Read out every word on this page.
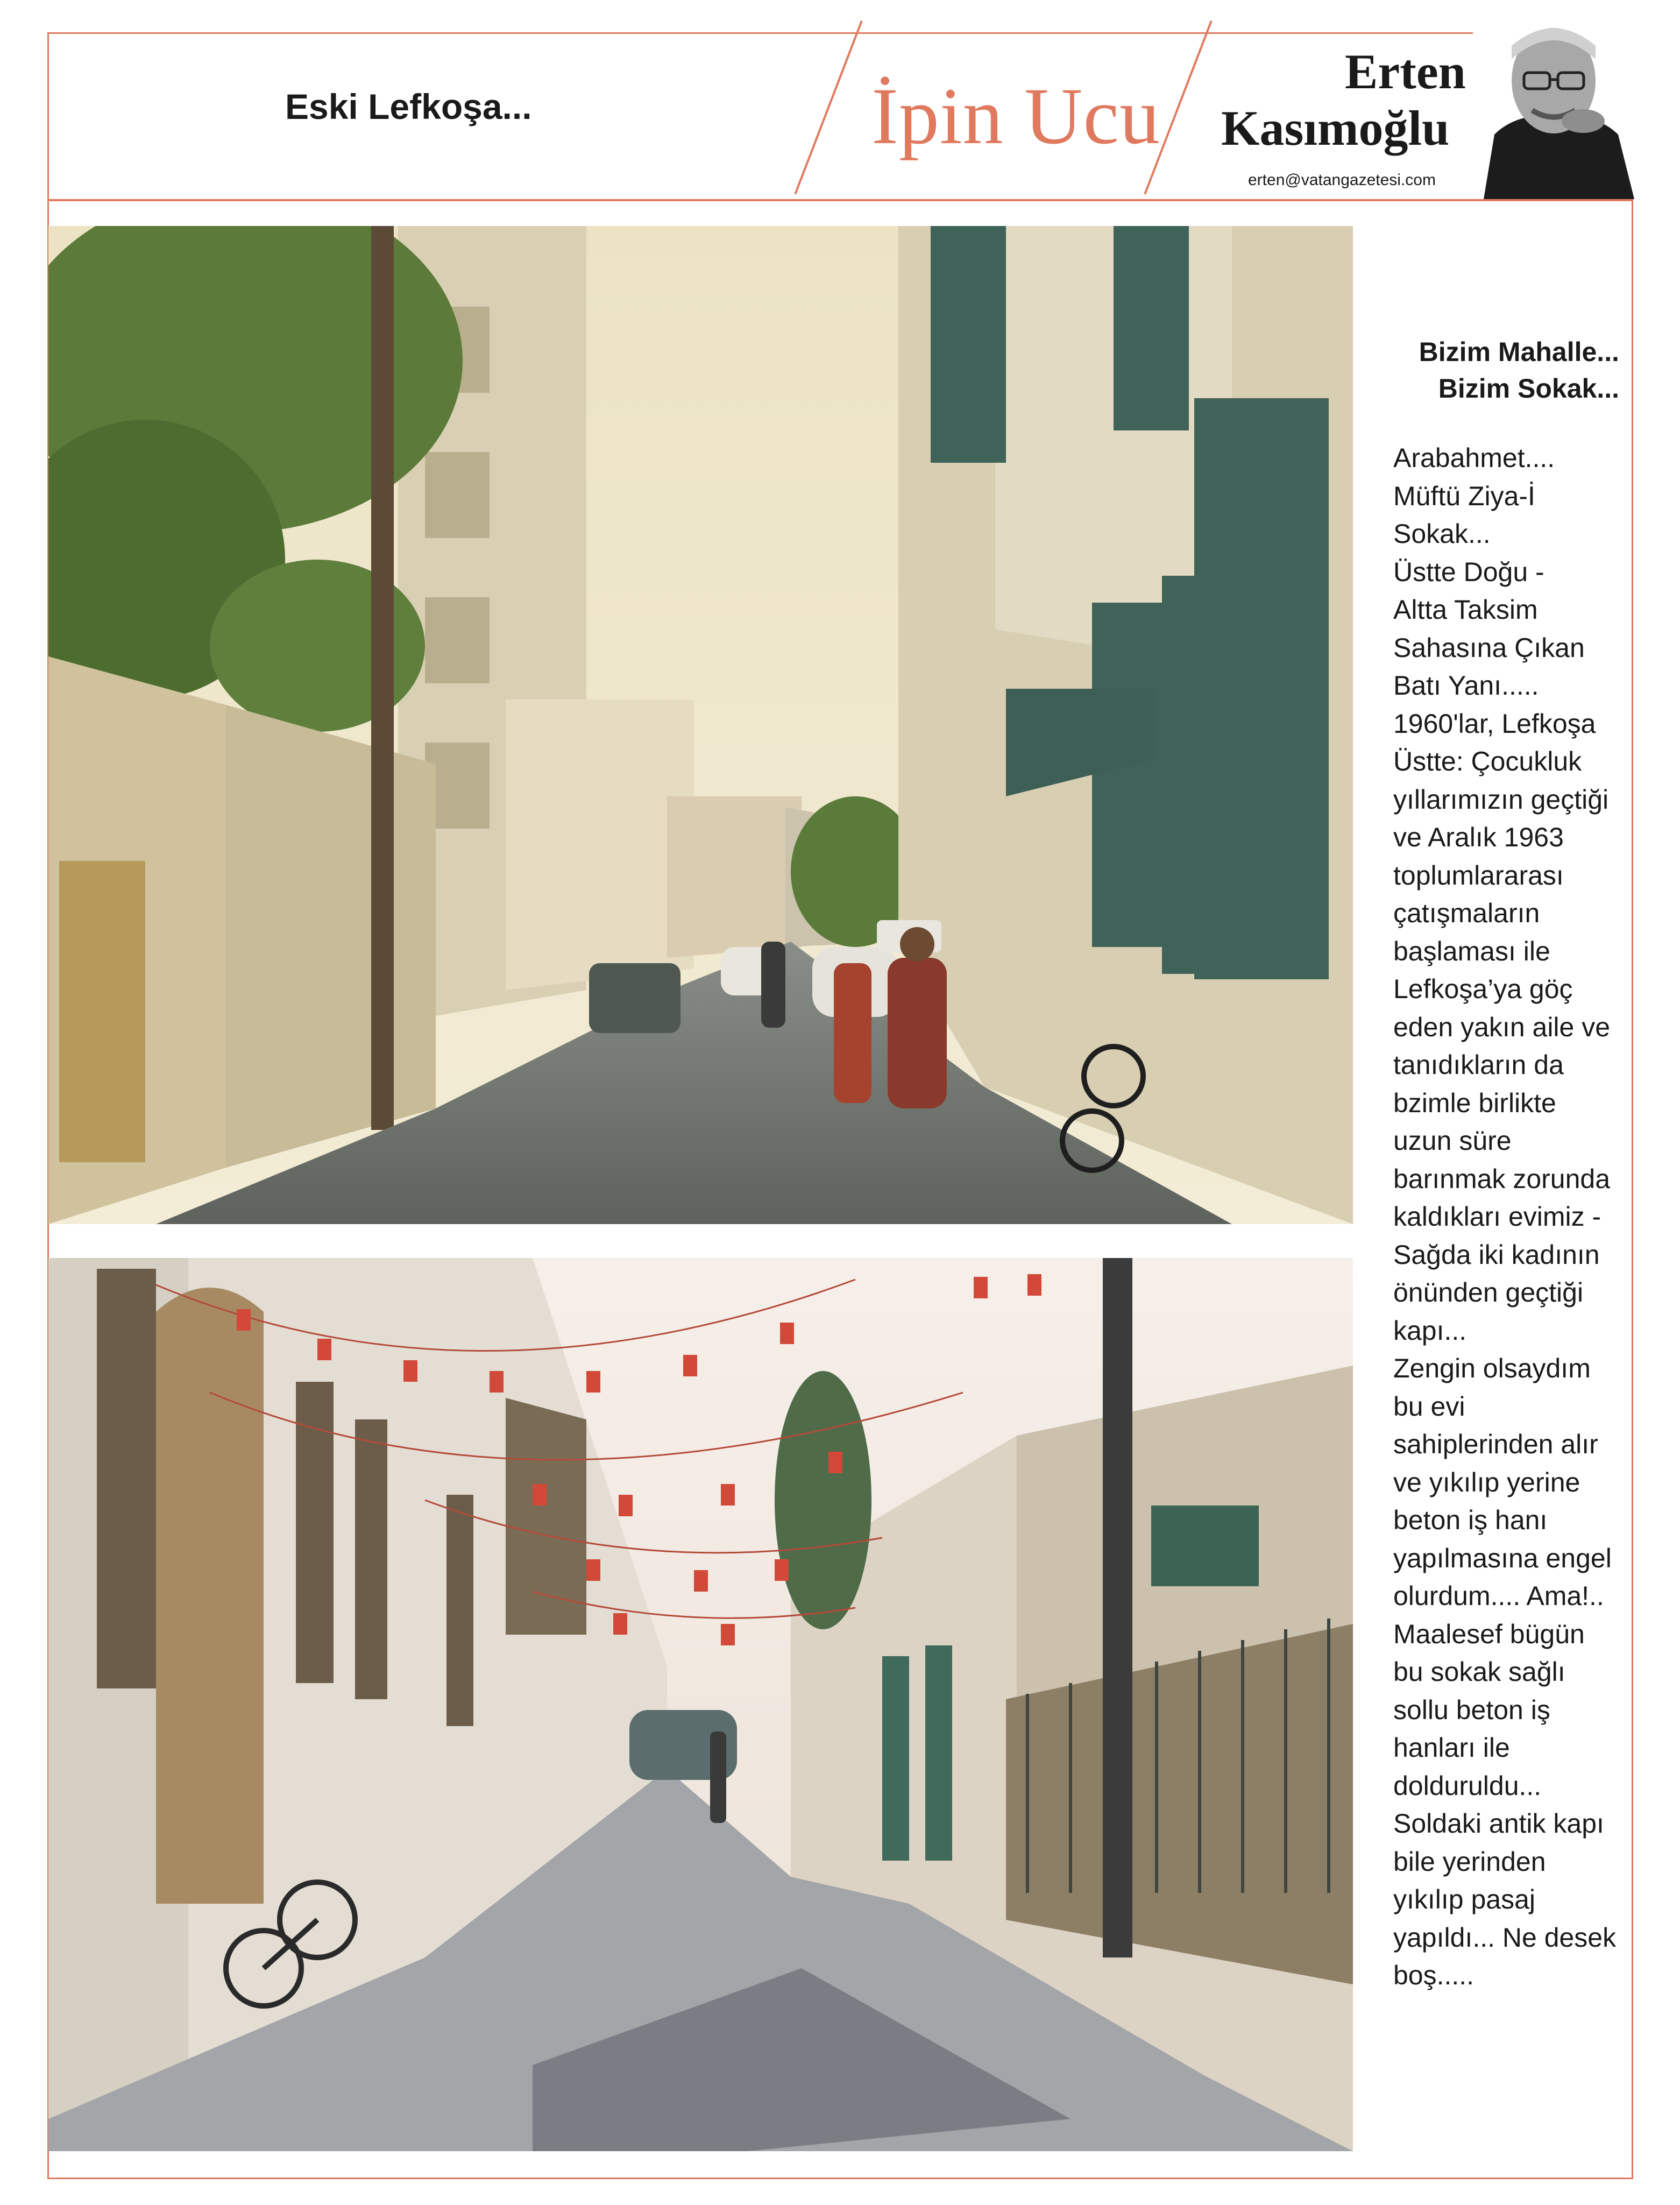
Eski Lefkoşa...	İpin Ucu	Erten
Kasımoğlu
erten@vatangazetesi.com

Bizim Mahalle...
Bizim Sokak...

Arabahmet....
Müftü Ziya-İ
Sokak...
Üstte Doğu -
Altta Taksim
Sahasına Çıkan
Batı Yanı.....
1960'lar, Lefkoşa
Üstte: Çocukluk
yıllarımızın geçtiği
ve Aralık 1963
toplumlararası
çatışmaların
başlaması ile
Lefkoşa’ya göç
eden yakın aile ve
tanıdıkların da
bzimle birlikte
uzun süre
barınmak zorunda
kaldıkları evimiz -
Sağda iki kadının
önünden geçtiği
kapı...
Zengin olsaydım
bu evi
sahiplerinden alır
ve yıkılıp yerine
beton iş hanı
yapılmasına engel
olurdum.... Ama!..
Maalesef bügün
bu sokak sağlı
sollu beton iş
hanları ile
dolduruldu...
Soldaki antik kapı
bile yerinden
yıkılıp pasaj
yapıldı... Ne desek
boş.....
